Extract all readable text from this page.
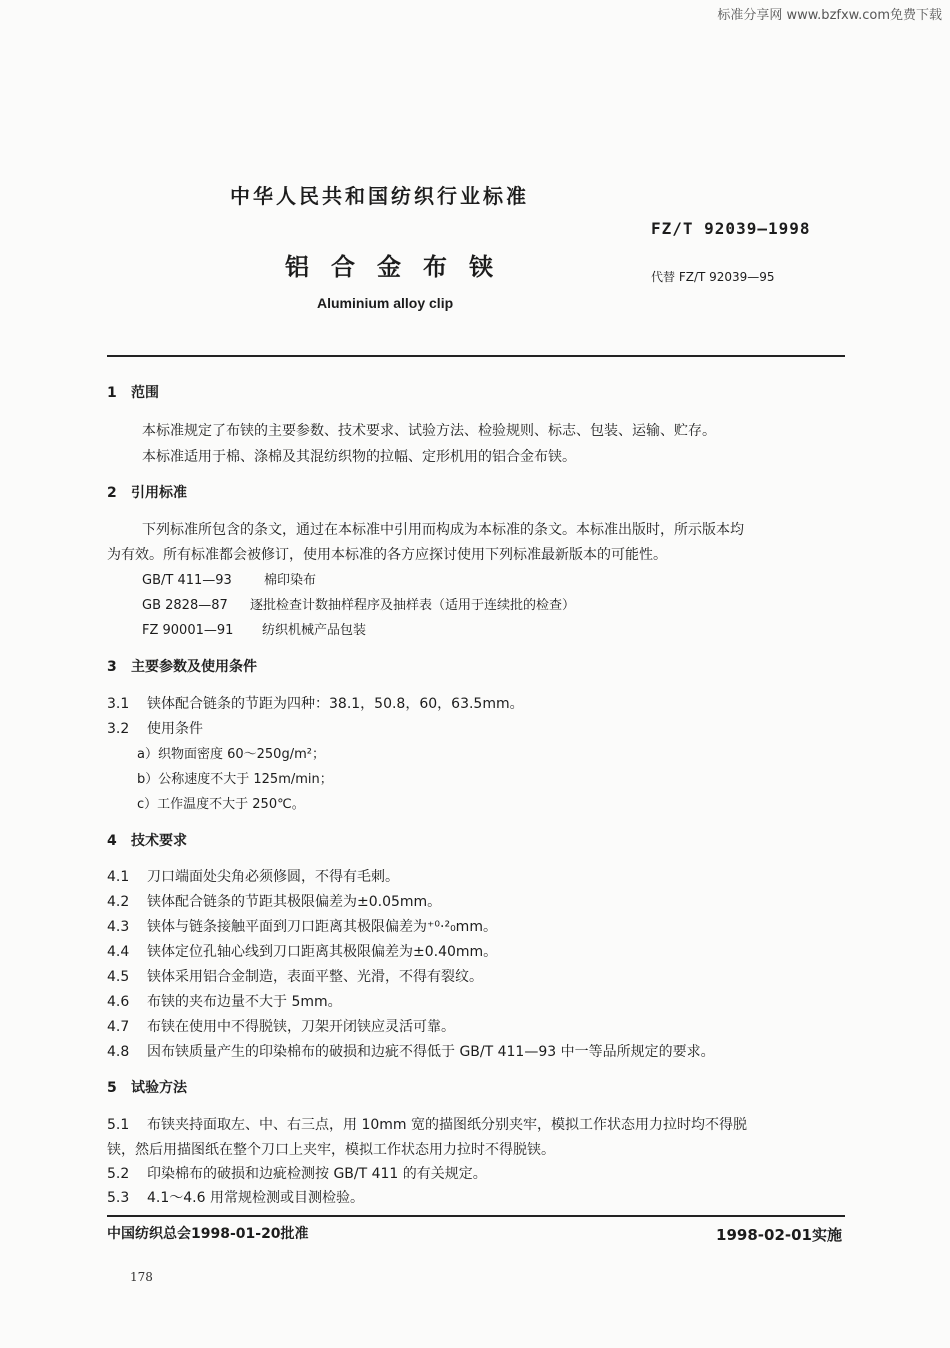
标准分享网 www.bzfxw.com免费下载
中华人民共和国纺织行业标准
FZ/T 92039—1998
铝合金布铗	代替 FZ/T 92039—95
Aluminium alloy clip
1 范围
本标准规定了布铗的主要参数、技术要求、试验方法、检验规则、标志、包装、运输、贮存。
本标准适用于棉、涤棉及其混纺织物的拉幅、定形机用的铝合金布铗。
2 引用标准
下列标准所包含的条文，通过在本标准中引用而构成为本标准的条文。本标准出版时，所示版本均
为有效。所有标准都会被修订，使用本标准的各方应探讨使用下列标准最新版本的可能性。
GB/T 411—93 棉印染布
GB 2828—87 逐批检查计数抽样程序及抽样表（适用于连续批的检查）
FZ 90001—91 纺织机械产品包装
3 主要参数及使用条件
3.1 铗体配合链条的节距为四种：38.1，50.8，60，63.5mm。
3.2 使用条件
a）织物面密度 60～250g/m²；
b）公称速度不大于 125m/min；
c）工作温度不大于 250℃。
4 技术要求
4.1 刀口端面处尖角必须修圆，不得有毛刺。
4.2 铗体配合链条的节距其极限偏差为±0.05mm。
4.3 铗体与链条接触平面到刀口距离其极限偏差为⁺⁰·²₀mm。
4.4 铗体定位孔轴心线到刀口距离其极限偏差为±0.40mm。
4.5 铗体采用铝合金制造，表面平整、光滑，不得有裂纹。
4.6 布铗的夹布边量不大于 5mm。
4.7 布铗在使用中不得脱铗，刀架开闭铗应灵活可靠。
4.8 因布铗质量产生的印染棉布的破损和边疵不得低于 GB/T 411—93 中一等品所规定的要求。
5 试验方法
5.1 布铗夹持面取左、中、右三点，用 10mm 宽的描图纸分别夹牢，模拟工作状态用力拉时均不得脱
铗，然后用描图纸在整个刀口上夹牢，模拟工作状态用力拉时不得脱铗。
5.2 印染棉布的破损和边疵检测按 GB/T 411 的有关规定。
5.3 4.1～4.6 用常规检测或目测检验。
中国纺织总会1998-01-20批准	1998-02-01实施
178
